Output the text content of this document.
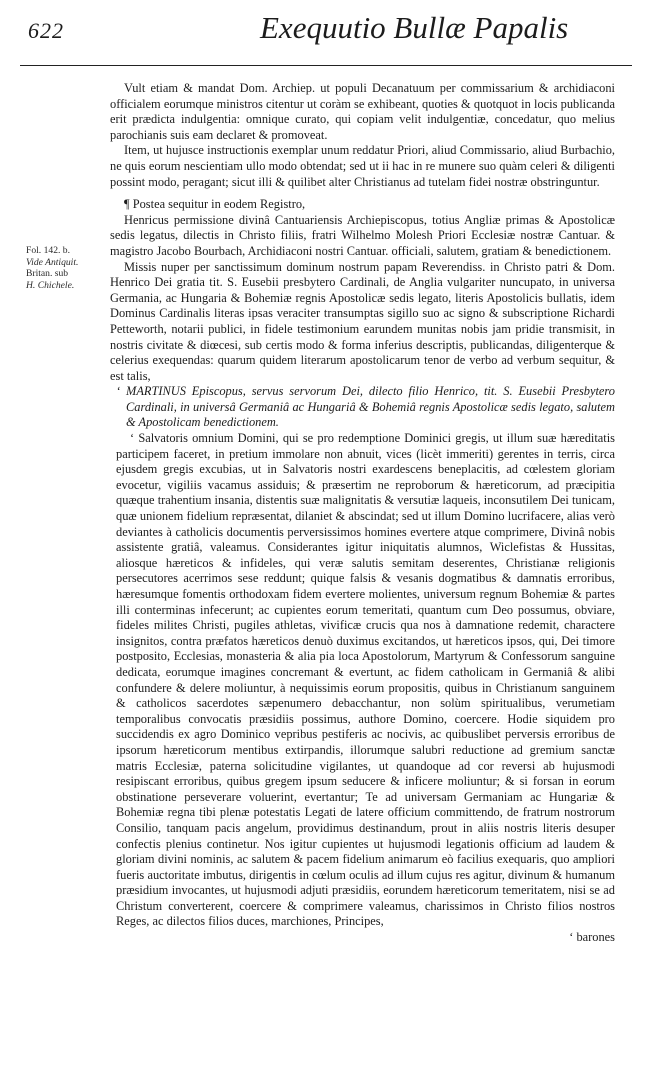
622	Exequutio Bullæ Papalis
Fol. 142. b.
Vide Antiquit.
Britan. sub
H. Chichele.

Vult etiam & mandat Dom. Archiep. ut populi Decanatuum per commissarium & archidiaconi officialem eorumque ministros citentur ut coràm se exhibeant, quoties & quotquot in locis publicanda erit prædicta indulgentia: omnique curato, qui copiam velit indulgentiæ, concedatur, quo melius parochianis suis eam declaret & promoveat.

Item, ut hujusce instructionis exemplar unum reddatur Priori, aliud Commissario, aliud Burbachio, ne quis eorum nescientiam ullo modo obtendat; sed ut ii hac in re munere suo quàm celeri & diligenti possint modo, peragant; sicut illi & quilibet alter Christianus ad tutelam fidei nostræ obstringuntur.

¶ Postea sequitur in eodem Registro,

Henricus permissione divinâ Cantuariensis Archiepiscopus, totius Angliæ primas & Apostolicæ sedis legatus, dilectis in Christo filiis, fratri Wilhelmo Molesh Priori Ecclesiæ nostræ Cantuar. & magistro Jacobo Bourbach, Archidiaconi nostri Cantuar. officiali, salutem, gratiam & benedictionem.

Missis nuper per sanctissimum dominum nostrum papam Reverendiss. in Christo patri & Dom. Henrico Dei gratia tit. S. Eusebii presbytero Cardinali, de Anglia vulgariter nuncupato, in universa Germania, ac Hungaria & Bohemiæ regnis Apostolicæ sedis legato, literis Apostolicis bullatis, idem Dominus Cardinalis literas ipsas veraciter transumptas sigillo suo ac signo & subscriptione Richardi Petteworth, notarii publici, in fidele testimonium earundem munitas nobis jam pridie transmisit, in nostris civitate & diœcesi, sub certis modo & forma inferius descriptis, publicandas, diligenterque & celerius exequendas: quarum quidem literarum apostolicarum tenor de verbo ad verbum sequitur, & est talis,

‘ MARTINUS Episcopus, servus servorum Dei, dilecto filio Henrico, tit. S. Eusebii Presbytero Cardinali, in universâ Germaniâ ac Hungariâ & Bohemiâ regnis Apostolicæ sedis legato, salutem & Apostolicam benedictionem.

‘ Salvatoris omnium Domini, qui se pro redemptione Dominici gregis, ut illum suæ hæreditatis participem faceret, in pretium immolare non abnuit, vices (licèt immeriti) gerentes in terris, circa ejusdem gregis excubias, ut in Salvatoris nostri exardescens beneplacitis, ad cœlestem gloriam evocetur, vigiliis vacamus assiduis; & præsertim ne reproborum & hæreticorum, ad præcipitia quæque trahentium insania, distentis suæ malignitatis & versutiæ laqueis, inconsutilem Dei tunicam, quæ unionem fidelium repræsentat, dilaniet & abscindat; sed ut illum Domino lucrifacere, alias verò deviantes à catholicis documentis perversissimos homines evertere atque comprimere, Divinâ nobis assistente gratiâ, valeamus. Considerantes igitur iniquitatis alumnos, Wiclefistas & Hussitas, aliosque hæreticos & infideles, qui veræ salutis semitam deserentes, Christianæ religionis persecutores acerrimos sese reddunt; quique falsis & vesanis dogmatibus & damnatis erroribus, hæresumque fomentis orthodoxam fidem evertere molientes, universum regnum Bohemiæ & partes illi conterminas infecerunt; ac cupientes eorum temeritati, quantum cum Deo possumus, obviare, fideles milites Christi, pugiles athletas, vivificæ crucis qua nos à damnatione redemit, charactere insignitos, contra præfatos hæreticos denuò duximus excitandos, ut hæreticos ipsos, qui, Dei timore postposito, Ecclesias, monasteria & alia pia loca Apostolorum, Martyrum & Confessorum sanguine dedicata, eorumque imagines concremant & evertunt, ac fidem catholicam in Germaniâ & alibi confundere & delere moliuntur, à nequissimis eorum propositis, quibus in Christianum sanguinem & catholicos sacerdotes sæpenumero debacchantur, non solùm spiritualibus, verumetiam temporalibus convocatis præsidiis possimus, authore Domino, coercere. Hodie siquidem pro succidendis ex agro Dominico vepribus pestiferis ac nocivis, ac quibuslibet perversis erroribus de ipsorum hæreticorum mentibus extirpandis, illorumque salubri reductione ad gremium sanctæ matris Ecclesiæ, paterna solicitudine vigilantes, ut quandoque ad cor reversi ab hujusmodi resipiscant erroribus, quibus gregem ipsum seducere & inficere moliuntur; & si forsan in eorum obstinatione perseverare voluerint, evertantur; Te ad universam Germaniam ac Hungariæ & Bohemiæ regna tibi plenæ potestatis Legati de latere officium committendo, de fratrum nostrorum Consilio, tanquam pacis angelum, providimus destinandum, prout in aliis nostris literis desuper confectis plenius continetur. Nos igitur cupientes ut hujusmodi legationis officium ad laudem & gloriam divini nominis, ac salutem & pacem fidelium animarum eò facilius exequaris, quo ampliori fueris auctoritate imbutus, dirigentis in cœlum oculis ad illum cujus res agitur, divinum & humanum præsidium invocantes, ut hujusmodi adjuti præsidiis, eorundem hæreticorum temeritatem, nisi se ad Christum converterent, coercere & comprimere valeamus, charissimos in Christo filios nostros Reges, ac dilectos filios duces, marchiones, Principes,

‘ barones
